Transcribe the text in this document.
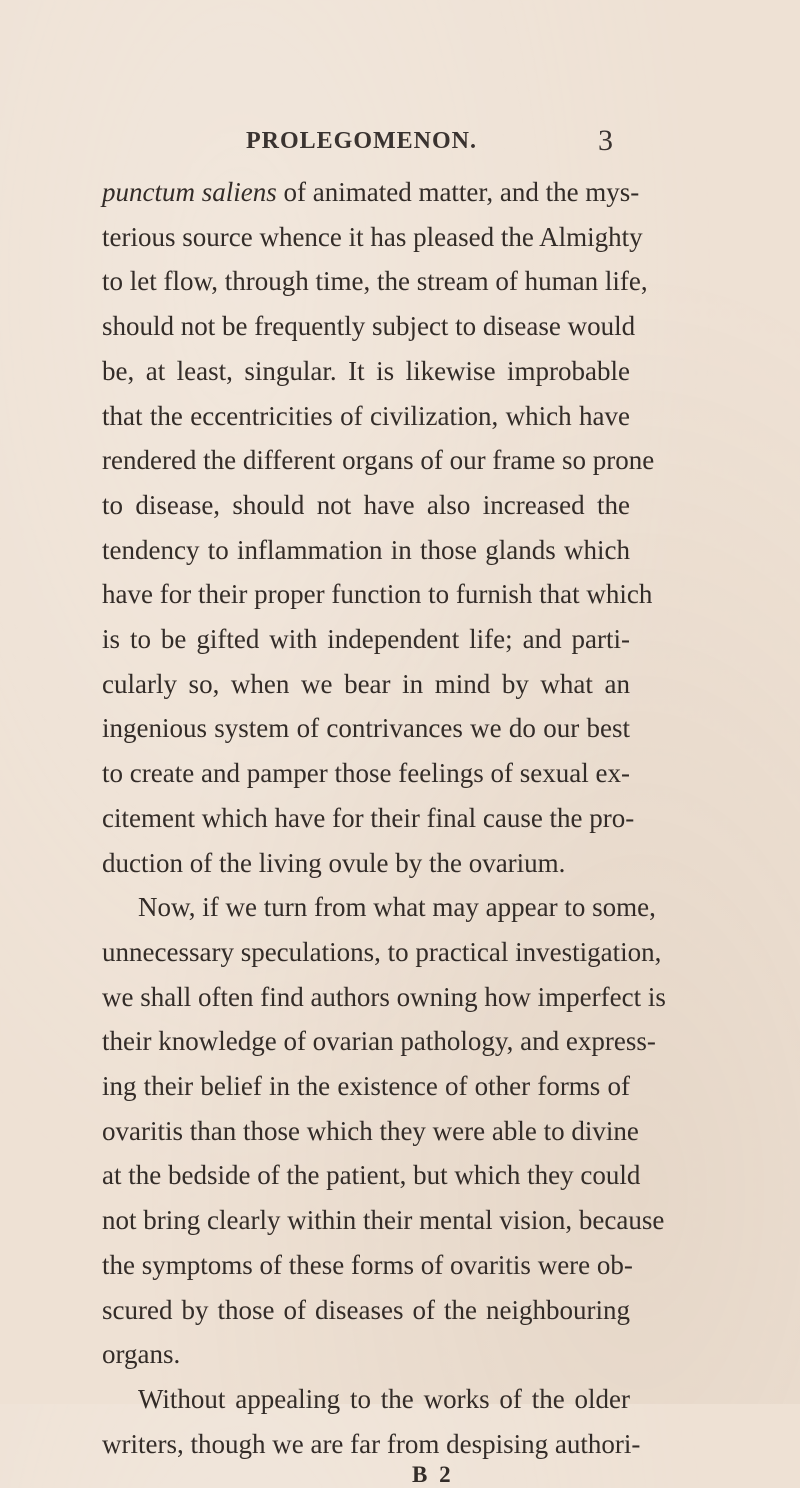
PROLEGOMENON.	3
punctum saliens of animated matter, and the mys-
terious source whence it has pleased the Almighty
to let flow, through time, the stream of human life,
should not be frequently subject to disease would
be, at least, singular. It is likewise improbable
that the eccentricities of civilization, which have
rendered the different organs of our frame so prone
to disease, should not have also increased the
tendency to inflammation in those glands which
have for their proper function to furnish that which
is to be gifted with independent life; and parti-
cularly so, when we bear in mind by what an
ingenious system of contrivances we do our best
to create and pamper those feelings of sexual ex-
citement which have for their final cause the pro-
duction of the living ovule by the ovarium.
Now, if we turn from what may appear to some,
unnecessary speculations, to practical investigation,
we shall often find authors owning how imperfect is
their knowledge of ovarian pathology, and express-
ing their belief in the existence of other forms of
ovaritis than those which they were able to divine
at the bedside of the patient, but which they could
not bring clearly within their mental vision, because
the symptoms of these forms of ovaritis were ob-
scured by those of diseases of the neighbouring
organs.
Without appealing to the works of the older
writers, though we are far from despising authori-
B 2
